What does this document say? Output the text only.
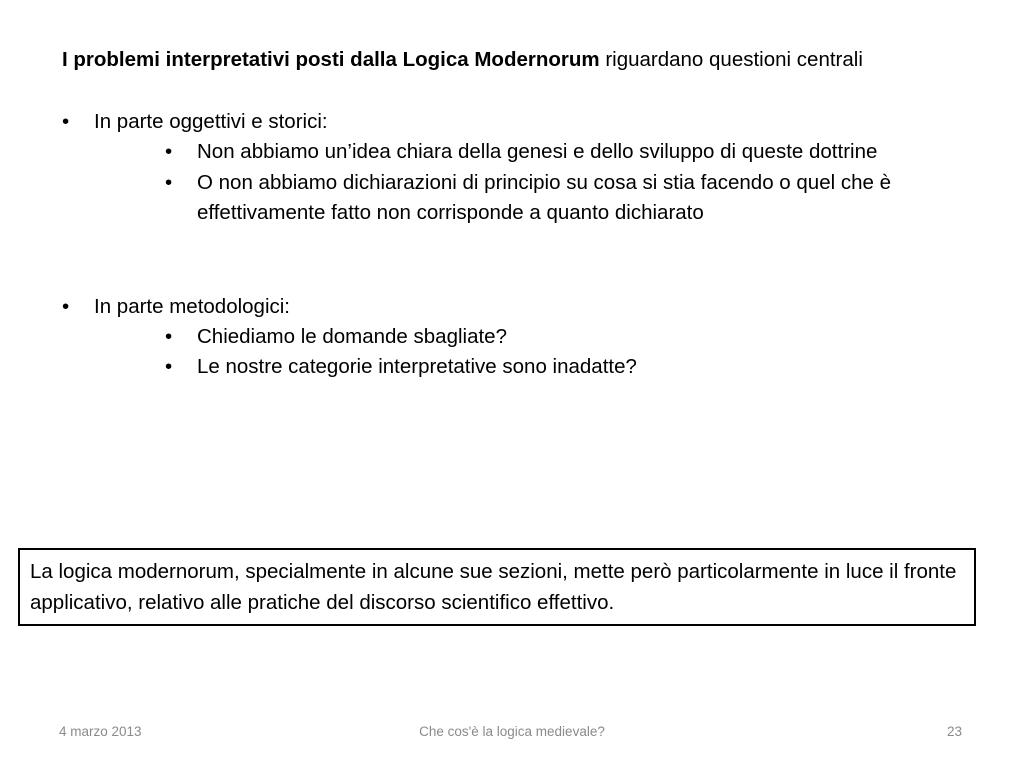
I problemi interpretativi posti dalla Logica Modernorum riguardano questioni centrali

• In parte oggettivi e storici:
• Non abbiamo un’idea chiara della genesi e dello sviluppo di queste dottrine
• O non abbiamo dichiarazioni di principio su cosa si stia facendo o quel che è effettivamente fatto non corrisponde a quanto dichiarato
• In parte metodologici:
• Chiediamo le domande sbagliate?
• Le nostre categorie interpretative sono inadatte?
La logica modernorum, specialmente in alcune sue sezioni, mette però particolarmente in luce il fronte applicativo, relativo alle pratiche del discorso scientifico effettivo.
4 marzo 2013	Che cos'è la logica medievale?	23
